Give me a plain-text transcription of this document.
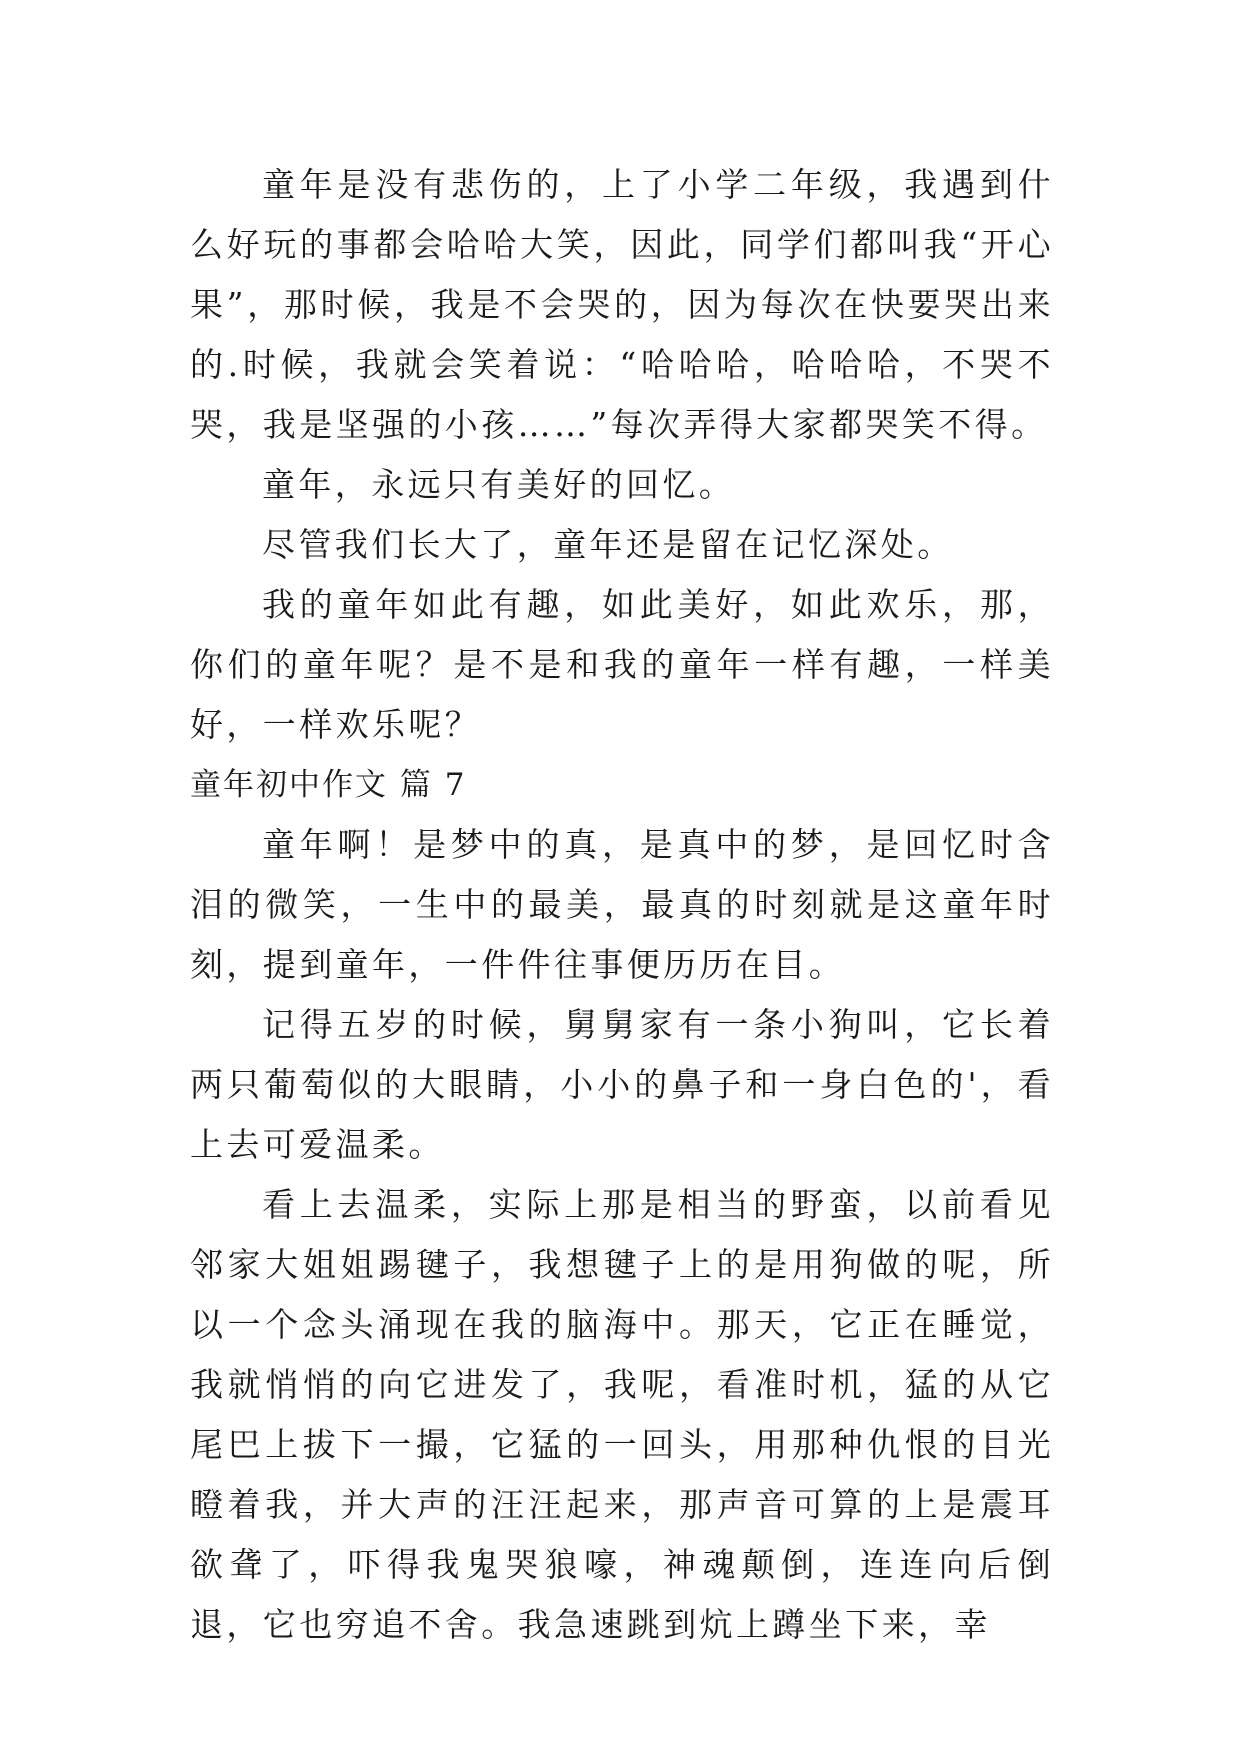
童年是没有悲伤的，上了小学二年级，我遇到什么好玩的事都会哈哈大笑，因此，同学们都叫我“开心果”，那时候，我是不会哭的，因为每次在快要哭出来的.时候，我就会笑着说：“哈哈哈，哈哈哈，不哭不哭，我是坚强的小孩……”每次弄得大家都哭笑不得。

童年，永远只有美好的回忆。

尽管我们长大了，童年还是留在记忆深处。

我的童年如此有趣，如此美好，如此欢乐，那，你们的童年呢？是不是和我的童年一样有趣，一样美好，一样欢乐呢？

童年初中作文 篇 7

童年啊！是梦中的真，是真中的梦，是回忆时含泪的微笑，一生中的最美，最真的时刻就是这童年时刻，提到童年，一件件往事便历历在目。

记得五岁的时候，舅舅家有一条小狗叫，它长着两只葡萄似的大眼睛，小小的鼻子和一身白色的'，看上去可爱温柔。

看上去温柔，实际上那是相当的野蛮，以前看见邻家大姐姐踢毽子，我想毽子上的是用狗做的呢，所以一个念头涌现在我的脑海中。那天，它正在睡觉，我就悄悄的向它进发了，我呢，看准时机，猛的从它尾巴上拔下一撮，它猛的一回头，用那种仇恨的目光瞪着我，并大声的汪汪起来，那声音可算的上是震耳欲聋了，吓得我鬼哭狼嚎，神魂颠倒，连连向后倒退，它也穷追不舍。我急速跳到炕上蹲坐下来，幸
